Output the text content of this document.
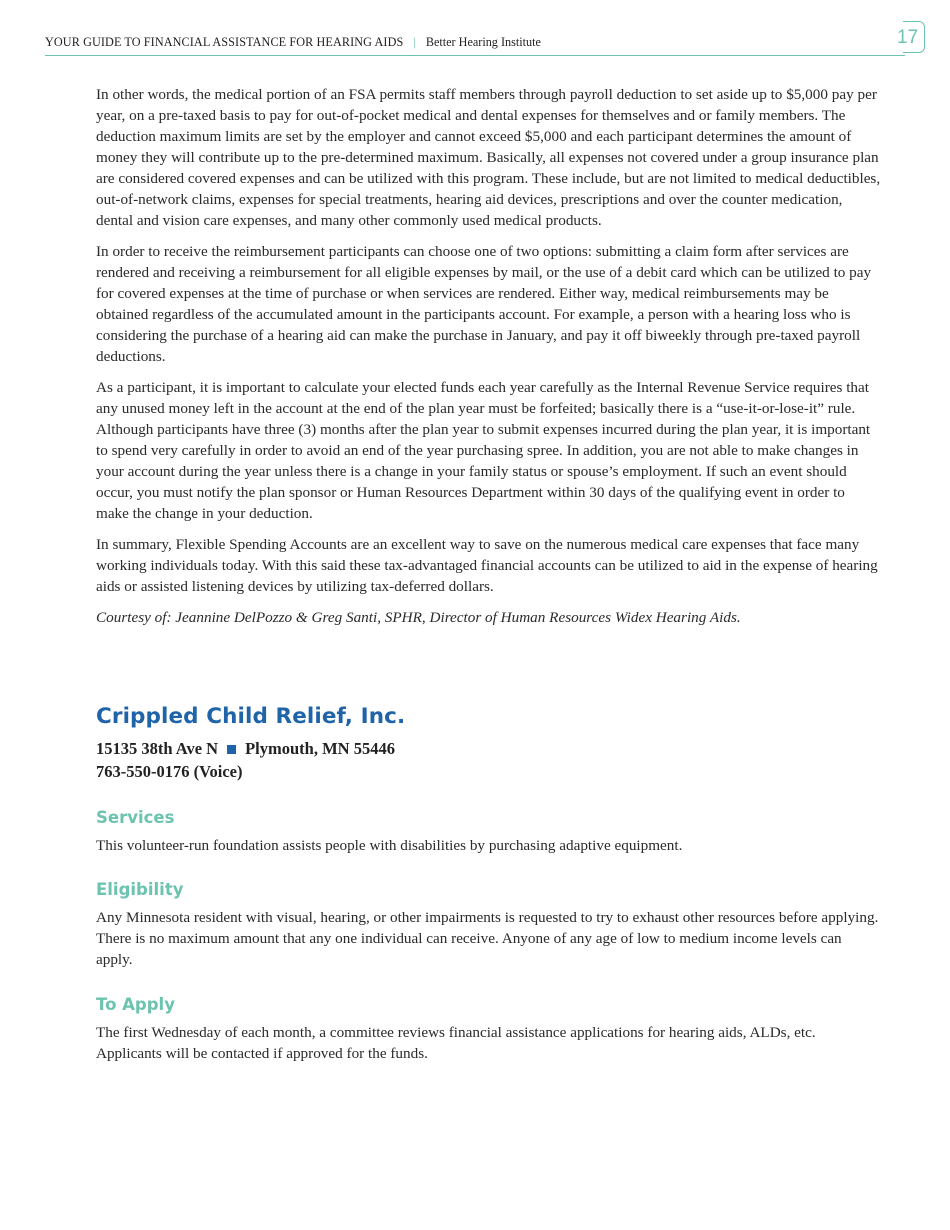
YOUR GUIDE TO FINANCIAL ASSISTANCE FOR HEARING AIDS | Better Hearing Institute	17

In other words, the medical portion of an FSA permits staff members through payroll deduction to set aside up to $5,000 pay per year, on a pre-taxed basis to pay for out-of-pocket medical and dental expenses for themselves and or family members. The deduction maximum limits are set by the employer and cannot exceed $5,000 and each participant determines the amount of money they will contribute up to the pre-determined maximum. Basically, all expenses not covered under a group insurance plan are considered covered expenses and can be utilized with this program. These include, but are not limited to medical deductibles, out-of-network claims, expenses for special treatments, hearing aid devices, prescriptions and over the counter medication, dental and vision care expenses, and many other commonly used medical products.

In order to receive the reimbursement participants can choose one of two options: submitting a claim form after services are rendered and receiving a reimbursement for all eligible expenses by mail, or the use of a debit card which can be utilized to pay for covered expenses at the time of purchase or when services are rendered. Either way, medical reimbursements may be obtained regardless of the accumulated amount in the participants account. For example, a person with a hearing loss who is considering the purchase of a hearing aid can make the purchase in January, and pay it off biweekly through pre-taxed payroll deductions.

As a participant, it is important to calculate your elected funds each year carefully as the Internal Revenue Service requires that any unused money left in the account at the end of the plan year must be forfeited; basically there is a “use-it-or-lose-it” rule. Although participants have three (3) months after the plan year to submit expenses incurred during the plan year, it is important to spend very carefully in order to avoid an end of the year purchasing spree. In addition, you are not able to make changes in your account during the year unless there is a change in your family status or spouse’s employment. If such an event should occur, you must notify the plan sponsor or Human Resources Department within 30 days of the qualifying event in order to make the change in your deduction.

In summary, Flexible Spending Accounts are an excellent way to save on the numerous medical care expenses that face many working individuals today. With this said these tax-advantaged financial accounts can be utilized to aid in the expense of hearing aids or assisted listening devices by utilizing tax-deferred dollars.

Courtesy of: Jeannine DelPozzo & Greg Santi, SPHR, Director of Human Resources Widex Hearing Aids.

Crippled Child Relief, Inc.
15135 38th Ave N Plymouth, MN 55446
763-550-0176 (Voice)
Services

This volunteer-run foundation assists people with disabilities by purchasing adaptive equipment.

Eligibility

Any Minnesota resident with visual, hearing, or other impairments is requested to try to exhaust other resources before applying. There is no maximum amount that any one individual can receive. Anyone of any age of low to medium income levels can apply.

To Apply

The first Wednesday of each month, a committee reviews financial assistance applications for hearing aids, ALDs, etc. Applicants will be contacted if approved for the funds.
